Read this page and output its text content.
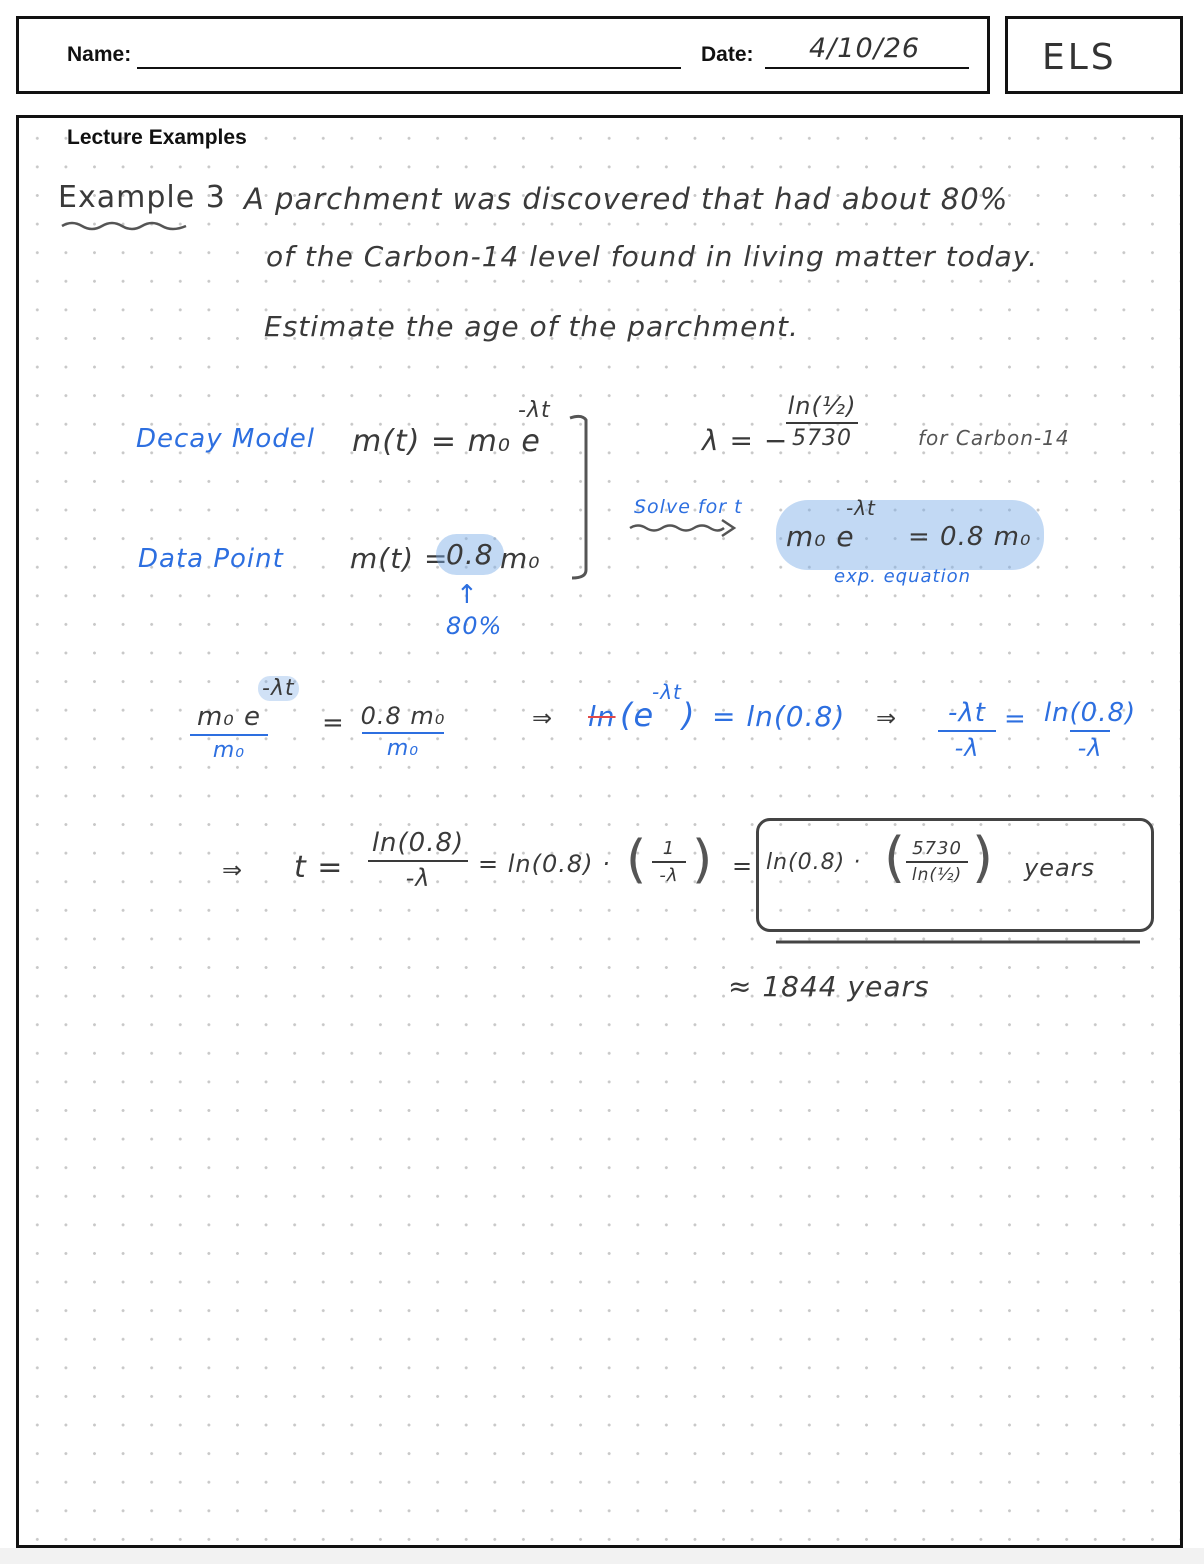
Name:	Date: 4/10/26	ELS
Lecture Examples
Example 3 A parchment was discovered that had about 80%
of the Carbon-14 level found in living matter today.
Estimate the age of the parchment.
Decay Model m(t) = m₀ e
-λt
Data Point m(t) =
0.8 m₀
↑
80%
λ = −
ln(½)
5730	for Carbon-14
Solve for t
m₀ e
-λt
= 0.8 m₀
exp. equation
m₀ e
m₀
-λt
= 0.8 m₀
m₀
⇒ ln (e
-λt
) = ln(0.8) ⇒ -λt
-λ
= ln(0.8)
-λ
⇒ t =
ln(0.8)
-λ = ln(0.8) · ( 1
-λ ) = ln(0.8) · ( 5730
ln(½) ) years
≈ 1844 years
